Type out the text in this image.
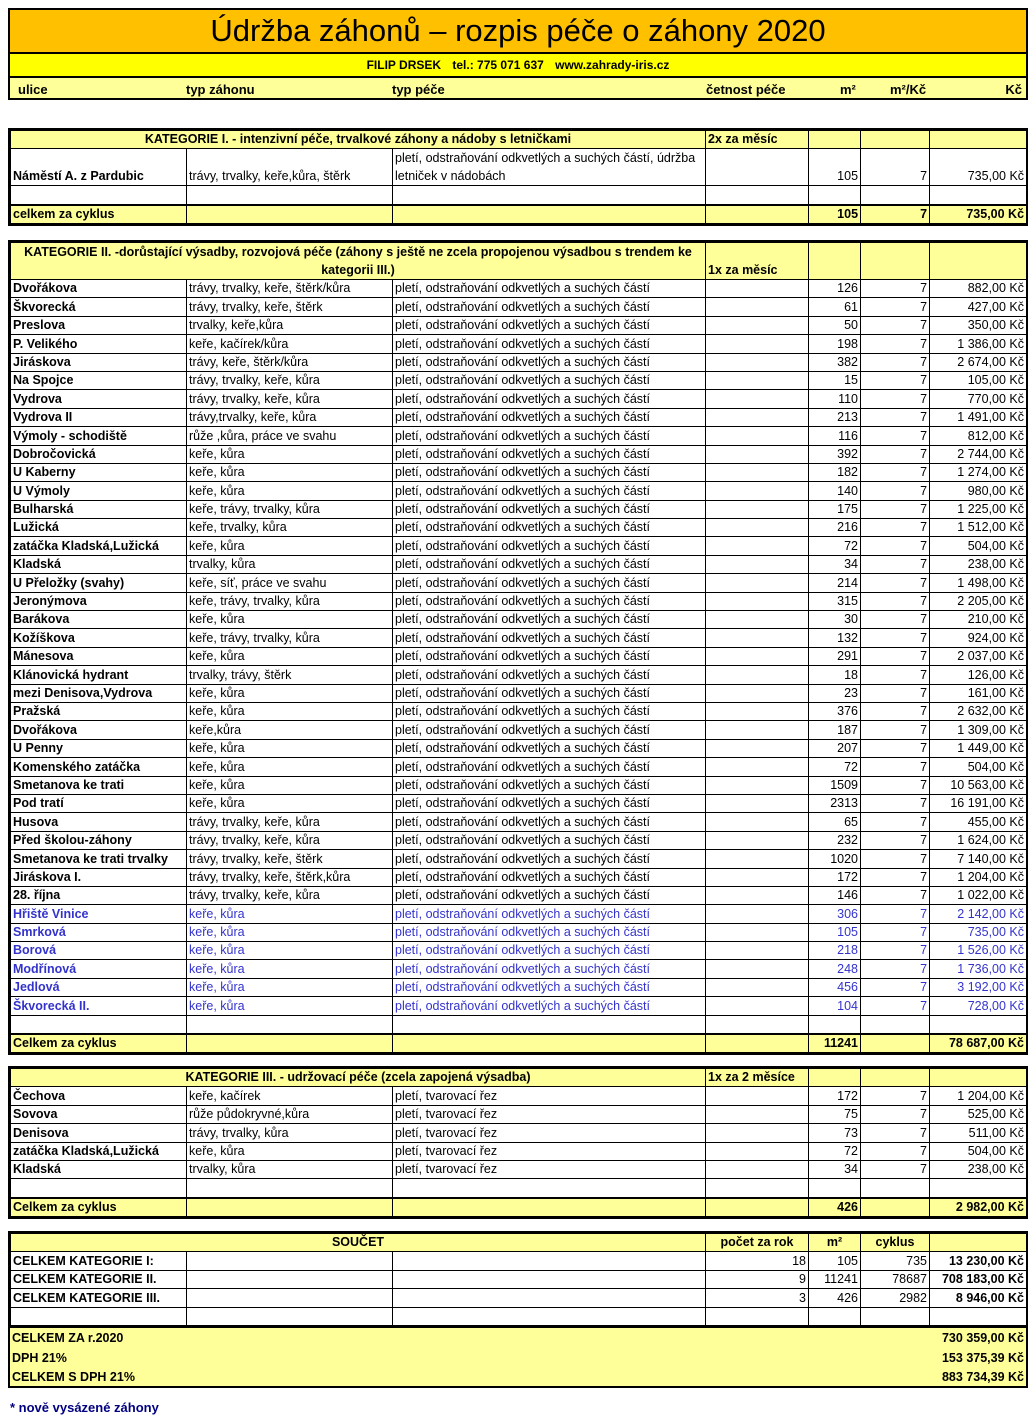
Údržba záhonů – rozpis péče o záhony 2020
FILIP DRSEK tel.: 775 071 637 www.zahrady-iris.cz
ulice	typ záhonu	typ péče	četnost péče	m²	m²/Kč	Kč
KATEGORIE I. - intenzivní péče, trvalkové záhony a nádoby s letničkami			2x za měsíc			
Náměstí A. z Pardubic	trávy, trvalky, keře,kůra, štěrk	pletí, odstraňování odkvetlých a suchých částí, údržba letniček v nádobách		105	7	735,00 Kč

celkem za cyklus				105	7	735,00 Kč
KATEGORIE II. -dorůstající výsadby, rozvojová péče (záhony s ještě ne zcela propojenou výsadbou s trendem ke kategorii III.)			1x za měsíc			
Dvořákova	trávy, trvalky, keře, štěrk/kůra	pletí, odstraňování odkvetlých a suchých částí		126	7	882,00 Kč
Škvorecká	trávy, trvalky, keře, štěrk	pletí, odstraňování odkvetlých a suchých částí		61	7	427,00 Kč
Preslova	trvalky, keře,kůra	pletí, odstraňování odkvetlých a suchých částí		50	7	350,00 Kč
P. Velikého	keře, kačírek/kůra	pletí, odstraňování odkvetlých a suchých částí		198	7	1 386,00 Kč
Jiráskova	trávy, keře, štěrk/kůra	pletí, odstraňování odkvetlých a suchých částí		382	7	2 674,00 Kč
Na Spojce	trávy, trvalky, keře, kůra	pletí, odstraňování odkvetlých a suchých částí		15	7	105,00 Kč
Vydrova	trávy, trvalky, keře, kůra	pletí, odstraňování odkvetlých a suchých částí		110	7	770,00 Kč
Vydrova II	trávy,trvalky, keře, kůra	pletí, odstraňování odkvetlých a suchých částí		213	7	1 491,00 Kč
Výmoly - schodiště	růže ,kůra, práce ve svahu	pletí, odstraňování odkvetlých a suchých částí		116	7	812,00 Kč
Dobročovická	keře, kůra	pletí, odstraňování odkvetlých a suchých částí		392	7	2 744,00 Kč
U Kaberny	keře, kůra	pletí, odstraňování odkvetlých a suchých částí		182	7	1 274,00 Kč
U Výmoly	keře, kůra	pletí, odstraňování odkvetlých a suchých částí		140	7	980,00 Kč
Bulharská	keře, trávy, trvalky, kůra	pletí, odstraňování odkvetlých a suchých částí		175	7	1 225,00 Kč
Lužická	keře, trvalky, kůra	pletí, odstraňování odkvetlých a suchých částí		216	7	1 512,00 Kč
zatáčka Kladská,Lužická	keře, kůra	pletí, odstraňování odkvetlých a suchých částí		72	7	504,00 Kč
Kladská	trvalky, kůra	pletí, odstraňování odkvetlých a suchých částí		34	7	238,00 Kč
U Přeložky (svahy)	keře, síť, práce ve svahu	pletí, odstraňování odkvetlých a suchých částí		214	7	1 498,00 Kč
Jeronýmova	keře, trávy, trvalky, kůra	pletí, odstraňování odkvetlých a suchých částí		315	7	2 205,00 Kč
Barákova	keře, kůra	pletí, odstraňování odkvetlých a suchých částí		30	7	210,00 Kč
Kožíškova	keře, trávy, trvalky, kůra	pletí, odstraňování odkvetlých a suchých částí		132	7	924,00 Kč
Mánesova	keře, kůra	pletí, odstraňování odkvetlých a suchých částí		291	7	2 037,00 Kč
Klánovická hydrant	trvalky, trávy, štěrk	pletí, odstraňování odkvetlých a suchých částí		18	7	126,00 Kč
mezi Denisova,Vydrova	keře, kůra	pletí, odstraňování odkvetlých a suchých částí		23	7	161,00 Kč
Pražská	keře, kůra	pletí, odstraňování odkvetlých a suchých částí		376	7	2 632,00 Kč
Dvořákova	keře,kůra	pletí, odstraňování odkvetlých a suchých částí		187	7	1 309,00 Kč
U Penny	keře, kůra	pletí, odstraňování odkvetlých a suchých částí		207	7	1 449,00 Kč
Komenského zatáčka	keře, kůra	pletí, odstraňování odkvetlých a suchých částí		72	7	504,00 Kč
Smetanova ke trati	keře, kůra	pletí, odstraňování odkvetlých a suchých částí		1509	7	10 563,00 Kč
Pod tratí	keře, kůra	pletí, odstraňování odkvetlých a suchých částí		2313	7	16 191,00 Kč
Husova	trávy, trvalky, keře, kůra	pletí, odstraňování odkvetlých a suchých částí		65	7	455,00 Kč
Před školou-záhony	trávy, trvalky, keře, kůra	pletí, odstraňování odkvetlých a suchých částí		232	7	1 624,00 Kč
Smetanova ke trati trvalky	trávy, trvalky, keře, štěrk	pletí, odstraňování odkvetlých a suchých částí		1020	7	7 140,00 Kč
Jiráskova I.	trávy, trvalky, keře, štěrk,kůra	pletí, odstraňování odkvetlých a suchých částí		172	7	1 204,00 Kč
28. října	trávy, trvalky, keře, kůra	pletí, odstraňování odkvetlých a suchých částí		146	7	1 022,00 Kč
Hřiště Vinice	keře, kůra	pletí, odstraňování odkvetlých a suchých částí		306	7	2 142,00 Kč
Smrková	keře, kůra	pletí, odstraňování odkvetlých a suchých částí		105	7	735,00 Kč
Borová	keře, kůra	pletí, odstraňování odkvetlých a suchých částí		218	7	1 526,00 Kč
Modřínová	keře, kůra	pletí, odstraňování odkvetlých a suchých částí		248	7	1 736,00 Kč
Jedlová	keře, kůra	pletí, odstraňování odkvetlých a suchých částí		456	7	3 192,00 Kč
Škvorecká II.	keře, kůra	pletí, odstraňování odkvetlých a suchých částí		104	7	728,00 Kč

Celkem za cyklus				11241		78 687,00 Kč
KATEGORIE III. - udržovací péče (zcela zapojená výsadba)			1x za 2 měsíce			
Čechova	keře, kačírek	pletí, tvarovací řez		172	7	1 204,00 Kč
Sovova	růže půdokryvné,kůra	pletí, tvarovací řez		75	7	525,00 Kč
Denisova	trávy, trvalky, kůra	pletí, tvarovací řez		73	7	511,00 Kč
zatáčka Kladská,Lužická	keře, kůra	pletí, tvarovací řez		72	7	504,00 Kč
Kladská	trvalky, kůra	pletí, tvarovací řez		34	7	238,00 Kč

Celkem za cyklus				426		2 982,00 Kč
SOUČET			počet za rok	m²	cyklus	
CELKEM KATEGORIE I:			18	105	735	13 230,00 Kč
CELKEM KATEGORIE II.			9	11241	78687	708 183,00 Kč
CELKEM KATEGORIE III.			3	426	2982	8 946,00 Kč

CELKEM ZA r.2020	730 359,00 Kč
DPH 21%	153 375,39 Kč
CELKEM S DPH 21%	883 734,39 Kč
* nově vysázené záhony
